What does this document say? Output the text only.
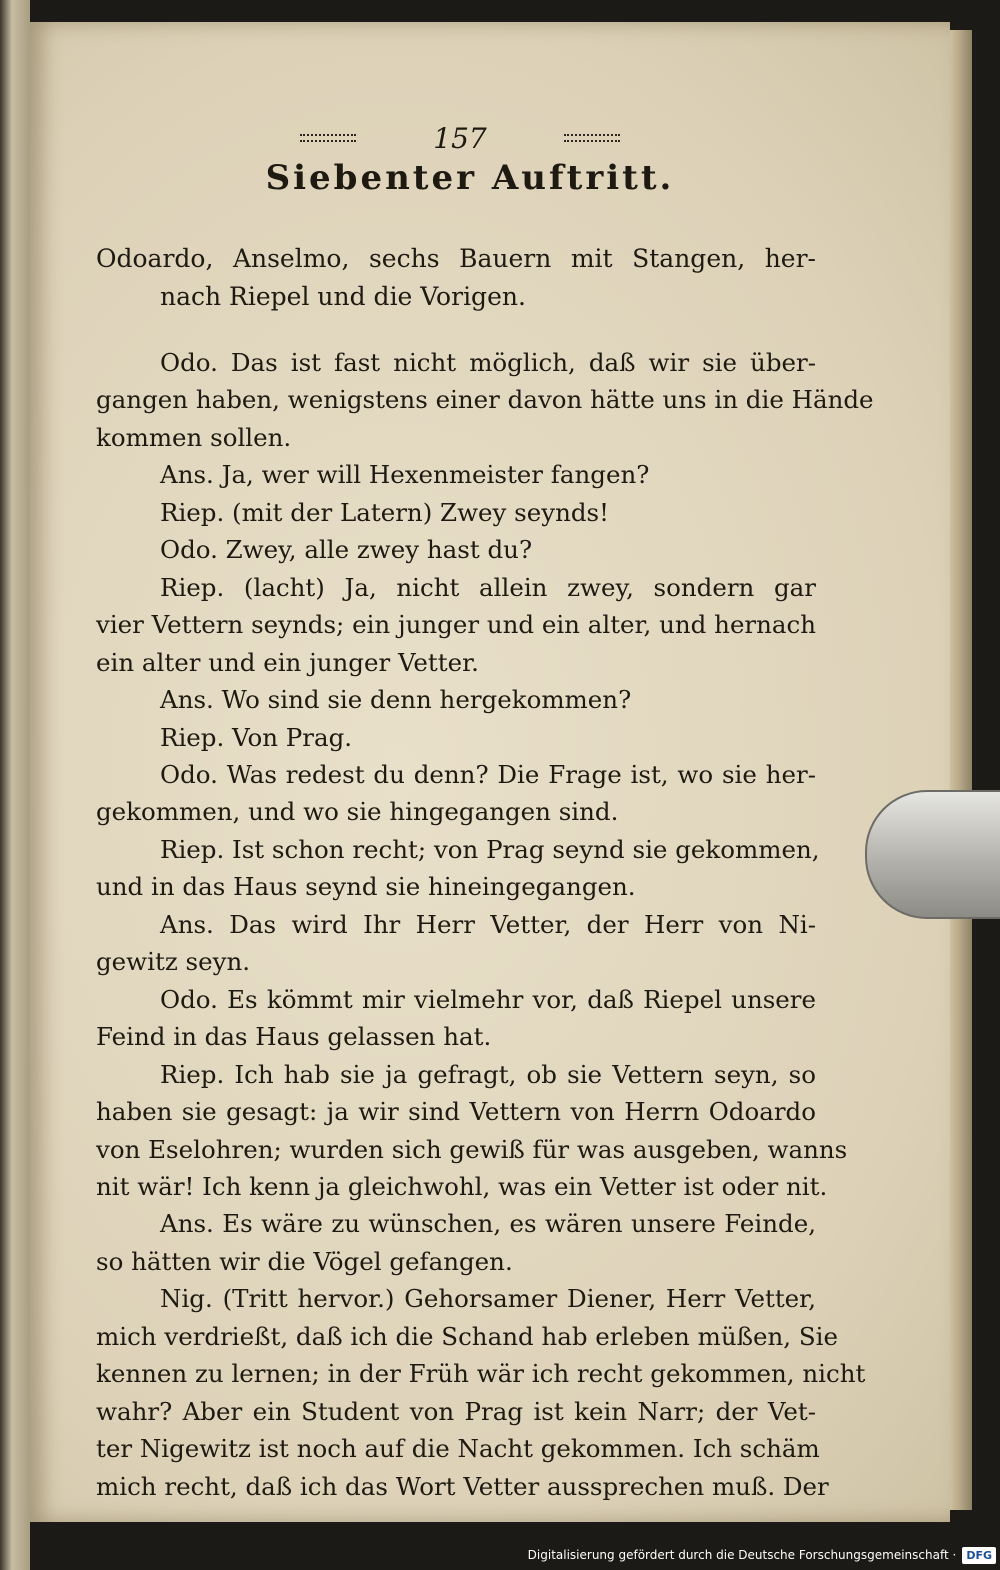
157
Siebenter Auftritt.
Odoardo, Anselmo, sechs Bauern mit Stangen, her-
nach Riepel und die Vorigen.
Odo. Das ist fast nicht möglich, daß wir sie über-
gangen haben, wenigstens einer davon hätte uns in die Hände
kommen sollen.
Ans. Ja, wer will Hexenmeister fangen?
Riep. (mit der Latern) Zwey seynds!
Odo. Zwey, alle zwey hast du?
Riep. (lacht) Ja, nicht allein zwey, sondern gar
vier Vettern seynds; ein junger und ein alter, und hernach
ein alter und ein junger Vetter.
Ans. Wo sind sie denn hergekommen?
Riep. Von Prag.
Odo. Was redest du denn? Die Frage ist, wo sie her-
gekommen, und wo sie hingegangen sind.
Riep. Ist schon recht; von Prag seynd sie gekommen,
und in das Haus seynd sie hineingegangen.
Ans. Das wird Ihr Herr Vetter, der Herr von Ni-
gewitz seyn.
Odo. Es kömmt mir vielmehr vor, daß Riepel unsere
Feind in das Haus gelassen hat.
Riep. Ich hab sie ja gefragt, ob sie Vettern seyn, so
haben sie gesagt: ja wir sind Vettern von Herrn Odoardo
von Eselohren; wurden sich gewiß für was ausgeben, wanns
nit wär! Ich kenn ja gleichwohl, was ein Vetter ist oder nit.
Ans. Es wäre zu wünschen, es wären unsere Feinde,
so hätten wir die Vögel gefangen.
Nig. (Tritt hervor.) Gehorsamer Diener, Herr Vetter,
mich verdrießt, daß ich die Schand hab erleben müßen, Sie
kennen zu lernen; in der Früh wär ich recht gekommen, nicht
wahr? Aber ein Student von Prag ist kein Narr; der Vet-
ter Nigewitz ist noch auf die Nacht gekommen. Ich schäm
mich recht, daß ich das Wort Vetter aussprechen muß. Der
Digitalisierung gefördert durch die Deutsche Forschungsgemeinschaft · DFG
